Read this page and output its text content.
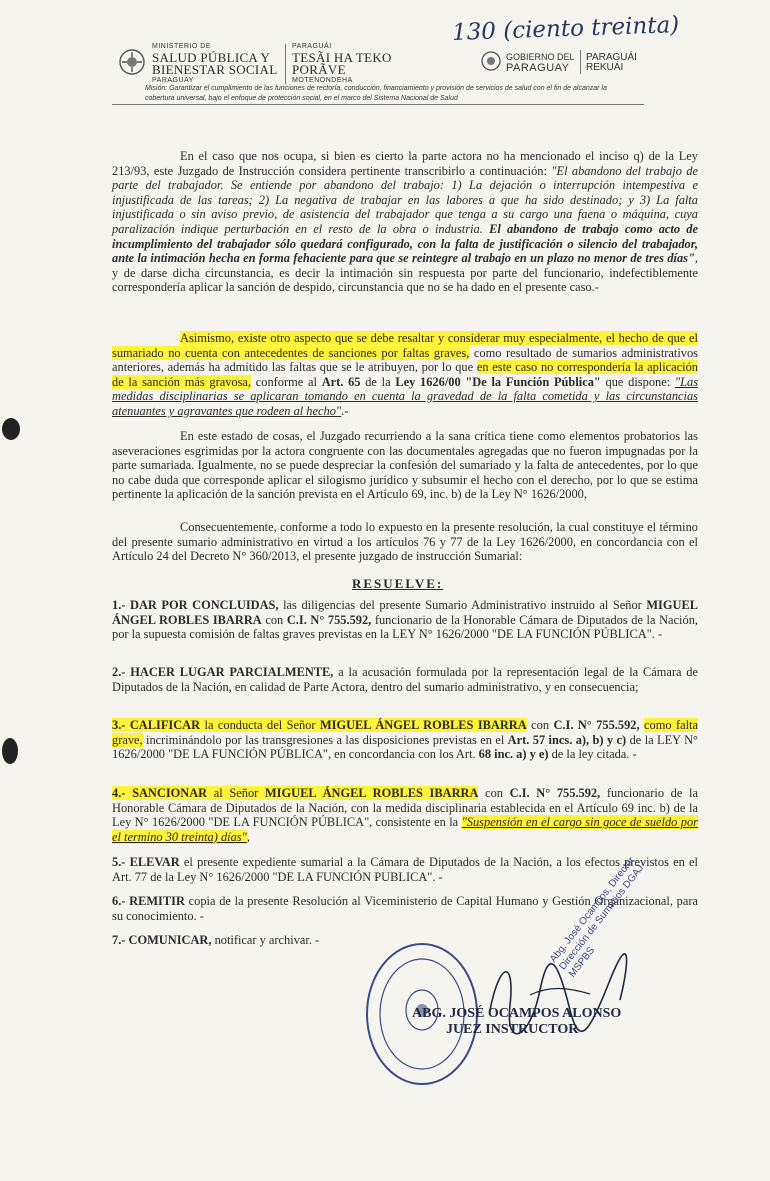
MINISTERIO DE
SALUD PÚBLICA Y
BIENESTAR SOCIAL
PARAGUAY
PARAGUÁI
TESÃI HA TEKO
PORÃVE
MOTENONDEHA
130 (ciento treinta)
GOBIERNO DEL
PARAGUAY
PARAGUÁI
REKUÁI
Misión: Garantizar el cumplimiento de las funciones de rectoría, conducción, financiamiento y provisión de servicios de salud con el fin de alcanzar la cobertura universal, bajo el enfoque de protección social, en el marco del Sistema Nacional de Salud
En el caso que nos ocupa, si bien es cierto la parte actora no ha mencionado el inciso q) de la Ley 213/93, este Juzgado de Instrucción considera pertinente transcribirlo a continuación: "El abandono del trabajo de parte del trabajador. Se entiende por abandono del trabajo: 1) La dejación o interrupción intempestiva e injustificada de las tareas; 2) La negativa de trabajar en las labores a que ha sido destinado; y 3) La falta injustificada o sin aviso previo, de asistencia del trabajador que tenga a su cargo una faena o máquina, cuya paralización indique perturbación en el resto de la obra o industria. El abandono de trabajo como acto de incumplimiento del trabajador sólo quedará configurado, con la falta de justificación o silencio del trabajador, ante la intimación hecha en forma fehaciente para que se reintegre al trabajo en un plazo no menor de tres días", y de darse dicha circunstancia, es decir la intimación sin respuesta por parte del funcionario, indefectiblemente correspondería aplicar la sanción de despido, circunstancia que no se ha dado en el presente caso.-
Asimismo, existe otro aspecto que se debe resaltar y considerar muy especialmente, el hecho de que el sumariado no cuenta con antecedentes de sanciones por faltas graves, como resultado de sumarios administrativos anteriores, además ha admitido las faltas que se le atribuyen, por lo que en este caso no correspondería la aplicación de la sanción más gravosa, conforme al Art. 65 de la Ley 1626/00 "De la Función Pública" que dispone: "Las medidas disciplinarias se aplicaran tomando en cuenta la gravedad de la falta cometida y las circunstancias atenuantes y agravantes que rodeen al hecho".-
En este estado de cosas, el Juzgado recurriendo a la sana crítica tiene como elementos probatorios las aseveraciones esgrimidas por la actora congruente con las documentales agregadas que no fueron impugnadas por la parte sumariada. Igualmente, no se puede despreciar la confesión del sumariado y la falta de antecedentes, por lo que no cabe duda que corresponde aplicar el silogismo jurídico y subsumir el hecho con el derecho, por lo que se estima pertinente la aplicación de la sanción prevista en el Artículo 69, inc. b) de la Ley N° 1626/2000,
Consecuentemente, conforme a todo lo expuesto en la presente resolución, la cual constituye el término del presente sumario administrativo en virtud a los artículos 76 y 77 de la Ley 1626/2000, en concordancia con el Artículo 24 del Decreto N° 360/2013, el presente juzgado de instrucción Sumarial:
RESUELVE:
1.- DAR POR CONCLUIDAS, las diligencias del presente Sumario Administrativo instruido al Señor MIGUEL ÁNGEL ROBLES IBARRA con C.I. N° 755.592, funcionario de la Honorable Cámara de Diputados de la Nación, por la supuesta comisión de faltas graves previstas en la LEY N° 1626/2000 "DE LA FUNCIÓN PÚBLICA". -
2.- HACER LUGAR PARCIALMENTE, a la acusación formulada por la representación legal de la Cámara de Diputados de la Nación, en calidad de Parte Actora, dentro del sumario administrativo, y en consecuencia;
3.- CALIFICAR la conducta del Señor MIGUEL ÁNGEL ROBLES IBARRA con C.I. N° 755.592, como falta grave, incriminándolo por las transgresiones a las disposiciones previstas en el Art. 57 incs. a), b) y c) de la LEY N° 1626/2000 "DE LA FUNCIÓN PÚBLICA", en concordancia con los Art. 68 inc. a) y e) de la ley citada. -
4.- SANCIONAR al Señor MIGUEL ÁNGEL ROBLES IBARRA con C.I. N° 755.592, funcionario de la Honorable Cámara de Diputados de la Nación, con la medida disciplinaria establecida en el Artículo 69 inc. b) de la Ley N° 1626/2000 "DE LA FUNCIÓN PÚBLICA", consistente en la "Suspensión en el cargo sin goce de sueldo por el termino 30 treinta) días",
5.- ELEVAR el presente expediente sumarial a la Cámara de Diputados de la Nación, a los efectos previstos en el Art. 77 de la Ley N° 1626/2000 "DE LA FUNCIÓN PUBLICA". -
6.- REMITIR copia de la presente Resolución al Viceministerio de Capital Humano y Gestión Organizacional, para su conocimiento. -
7.- COMUNICAR, notificar y archivar. -	Abg. José Ocampos, Director Dirección de Sumarios DGAJ - MSPBS
ABG. JOSÉ OCAMPOS ALONSO
JUEZ INSTRUCTOR
